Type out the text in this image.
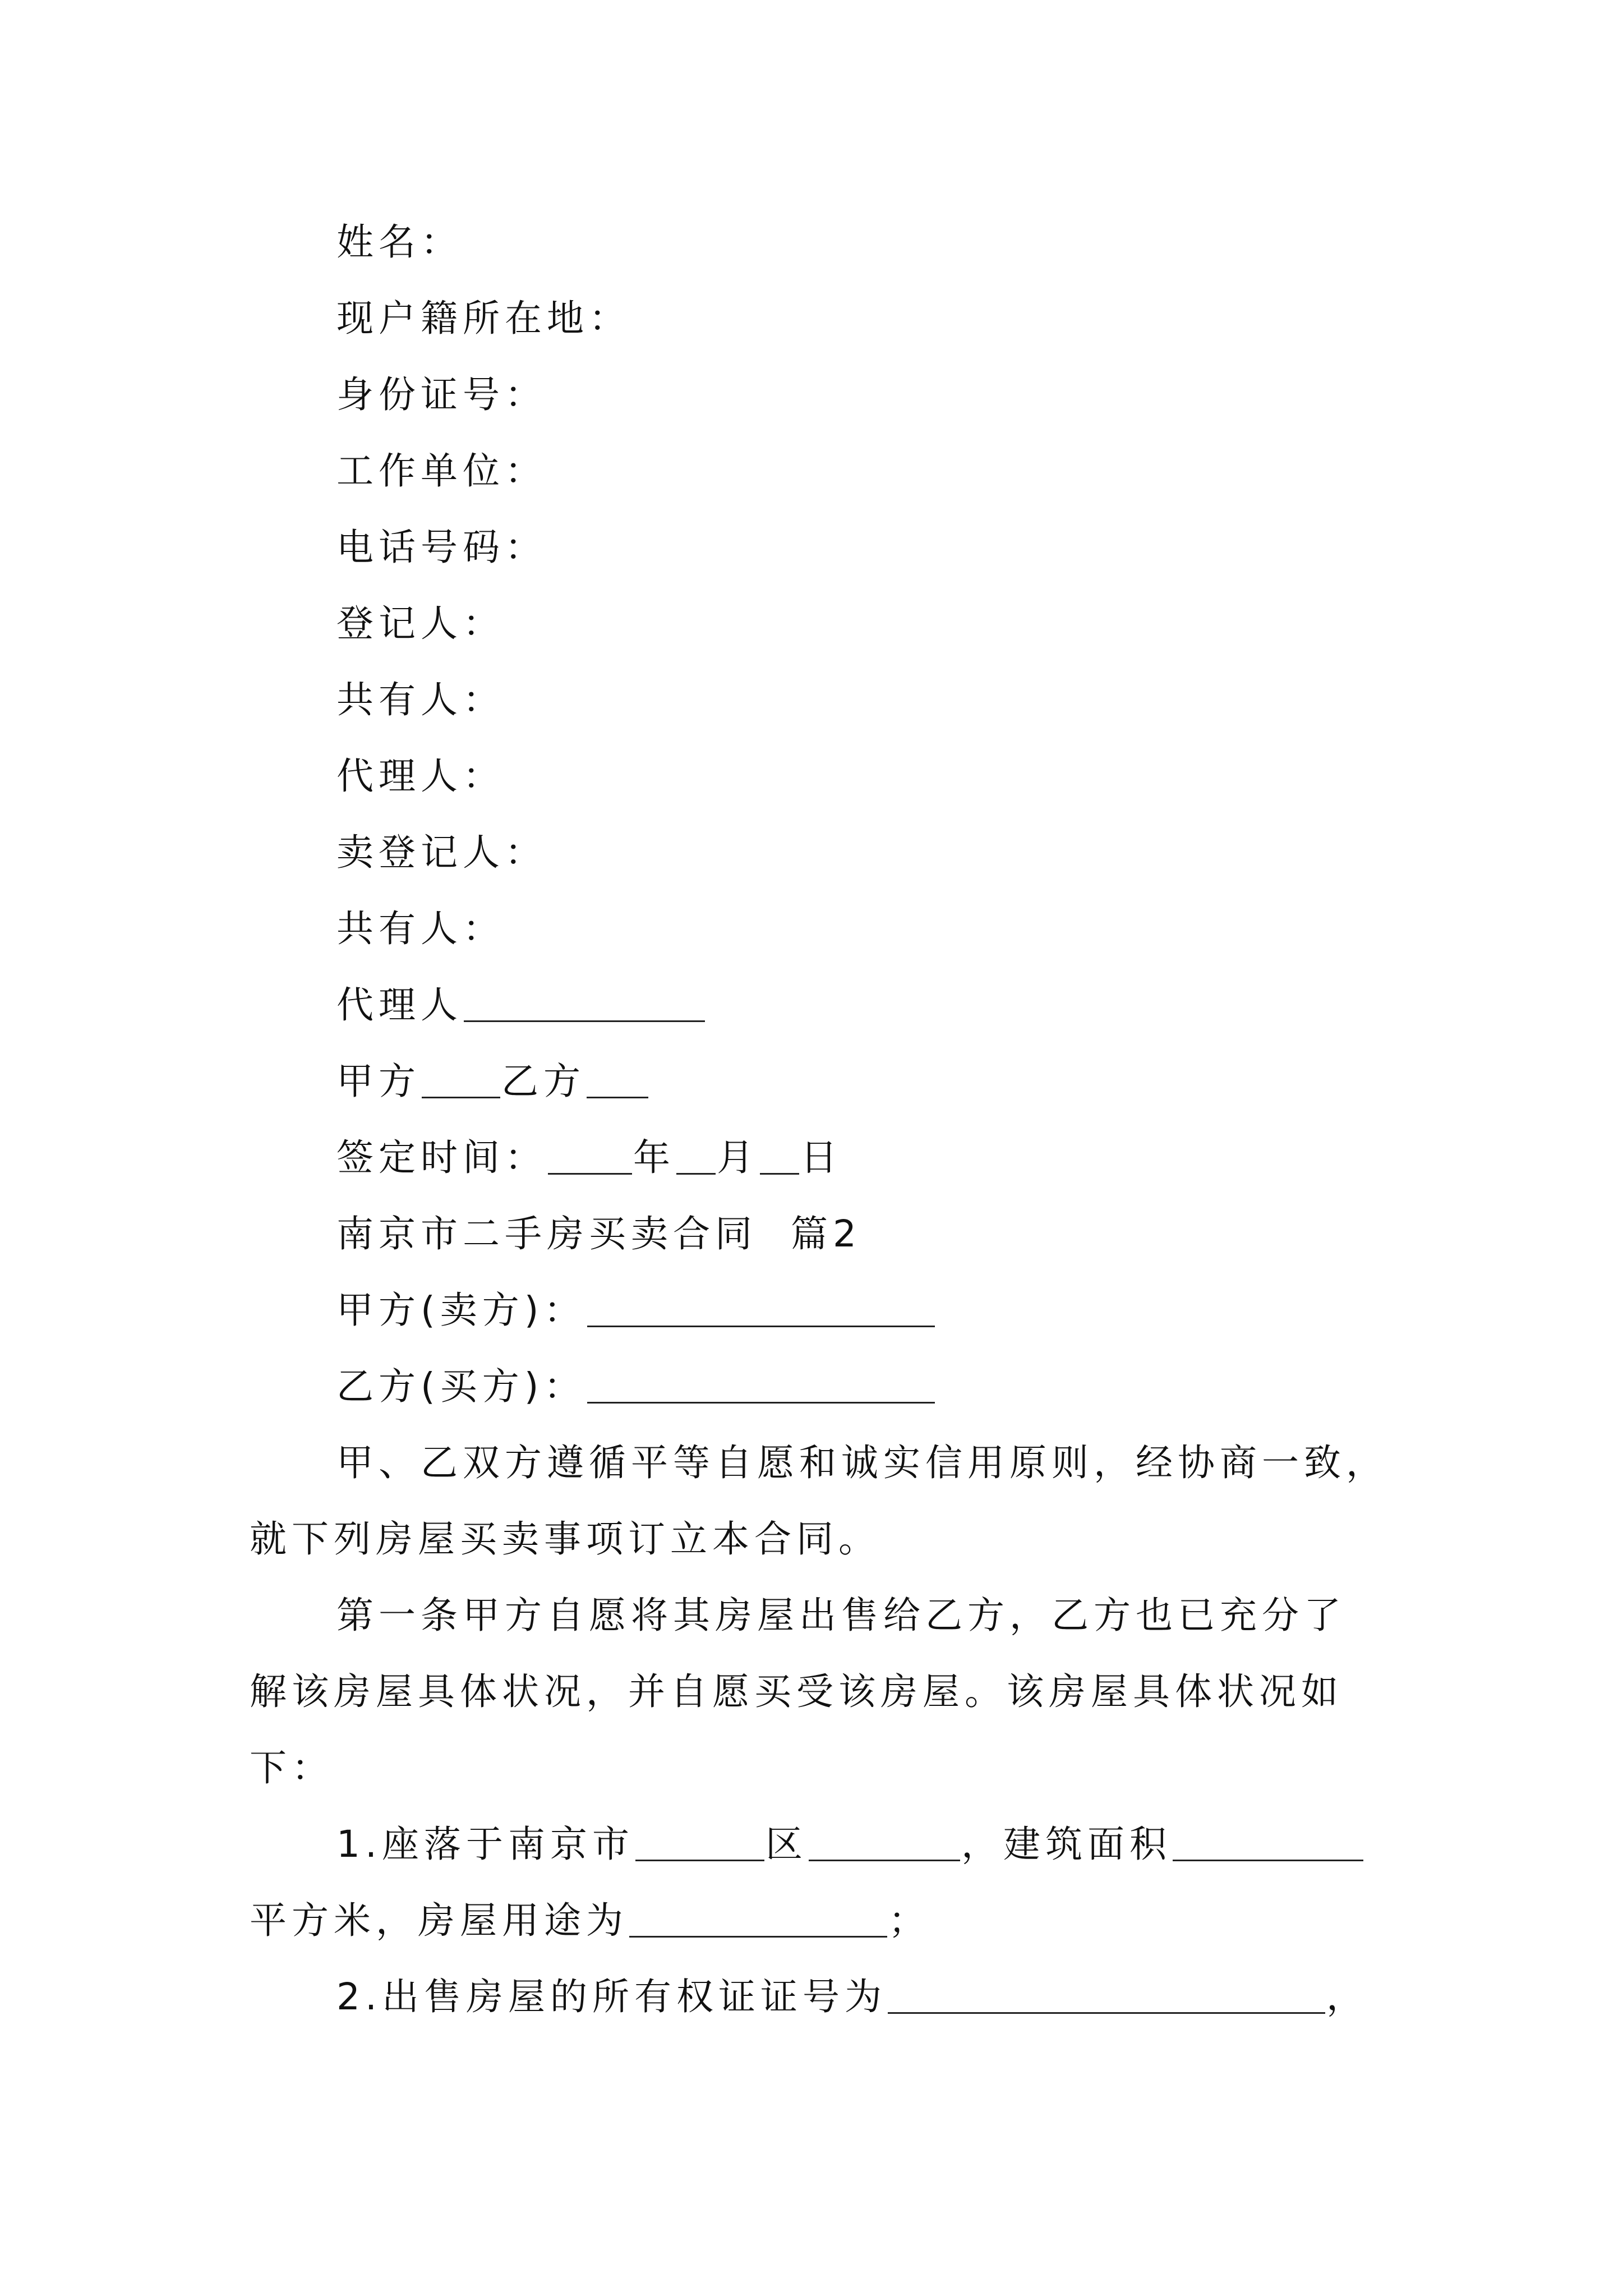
姓名：
现户籍所在地：
身份证号：
工作单位：
电话号码：
登记人：
共有人：
代理人：
卖登记人：
共有人：
代理人
甲方 乙方
签定时间： 年 月 日
南京市二手房买卖合同  篇2
甲方(卖方)：
乙方(买方)：
甲、乙双方遵循平等自愿和诚实信用原则，经协商一致，
就下列房屋买卖事项订立本合同。
第一条甲方自愿将其房屋出售给乙方，乙方也已充分了
解该房屋具体状况，并自愿买受该房屋。该房屋具体状况如
下：
1.座落于南京市	区	，建筑面积
平方米，房屋用途为	；
2.出售房屋的所有权证证号为	，
